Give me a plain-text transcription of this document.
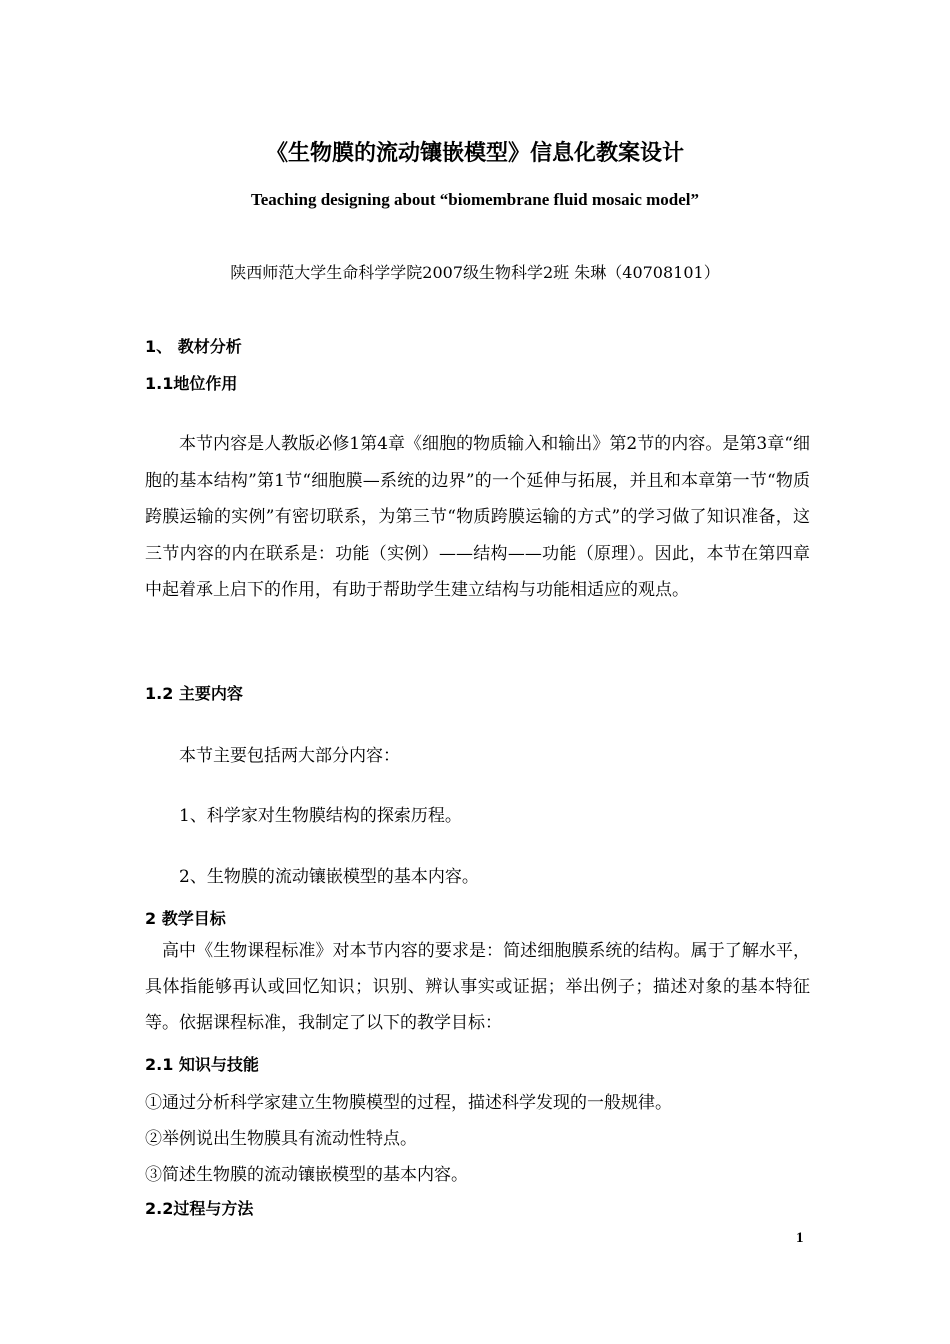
《生物膜的流动镶嵌模型》信息化教案设计
Teaching designing about “biomembrane fluid mosaic model”
陕西师范大学生命科学学院2007级生物科学2班 朱琳（40708101）
1、 教材分析
1.1地位作用
本节内容是人教版必修1第4章《细胞的物质输入和输出》第2节的内容。是第3章“细胞的基本结构”第1节“细胞膜—系统的边界”的一个延伸与拓展，并且和本章第一节“物质跨膜运输的实例”有密切联系，为第三节“物质跨膜运输的方式”的学习做了知识准备，这三节内容的内在联系是：功能（实例）——结构——功能（原理）。因此，本节在第四章中起着承上启下的作用，有助于帮助学生建立结构与功能相适应的观点。
1.2 主要内容
本节主要包括两大部分内容：
1、科学家对生物膜结构的探索历程。
2、生物膜的流动镶嵌模型的基本内容。
2 教学目标
高中《生物课程标准》对本节内容的要求是：简述细胞膜系统的结构。属于了解水平，具体指能够再认或回忆知识；识别、辨认事实或证据；举出例子；描述对象的基本特征等。依据课程标准，我制定了以下的教学目标：
2.1 知识与技能
①通过分析科学家建立生物膜模型的过程，描述科学发现的一般规律。
②举例说出生物膜具有流动性特点。
③简述生物膜的流动镶嵌模型的基本内容。
2.2过程与方法
1
